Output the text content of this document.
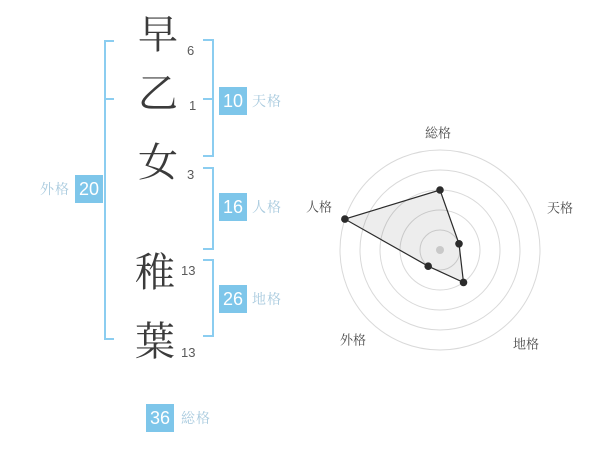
早
乙
女
稚
葉
6
1
3
13
13
10 天格
16 人格
26 地格
外格 20
36 総格
総格
天格
地格
外格
人格
